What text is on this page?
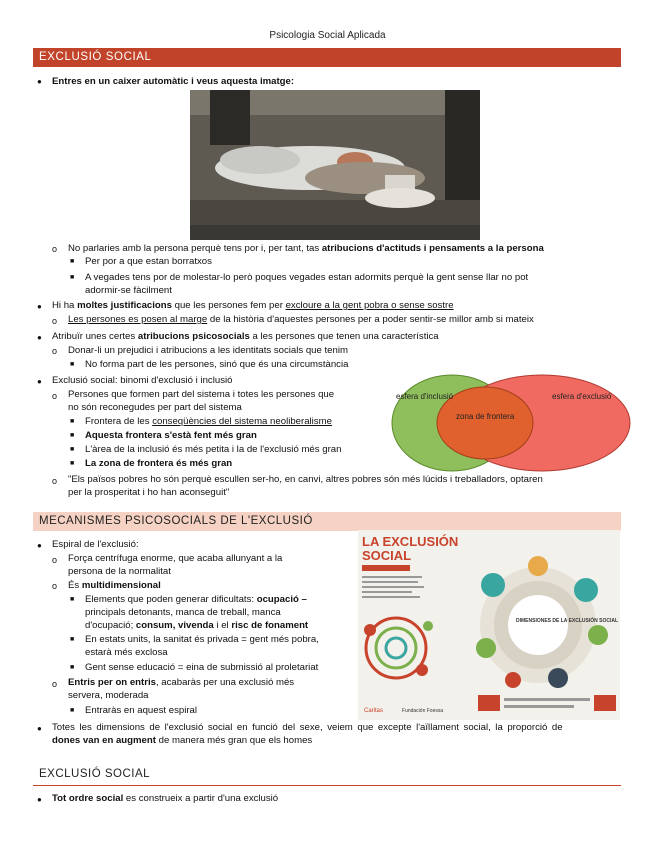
Psicologia Social Aplicada
EXCLUSIÓ SOCIAL
● Entres en un caixer automàtic i veus aquesta imatge:
o No parlaries amb la persona perquè tens por i, per tant, tas atribucions d'actituds i pensaments a la persona
■ Per por a que estan borratxos
■ A vegades tens por de molestar-lo però poques vegades estan adormits perquè la gent sense llar no pot
adormir-se fàcilment
● Hi ha moltes justificacions que les persones fem per excloure a la gent pobra o sense sostre
o Les persones es posen al marge de la història d'aquestes persones per a poder sentir-se millor amb si mateix
● Atribuïr unes certes atribucions psicosocials a les persones que tenen una característica
o Donar-li un prejudici i atribucions a les identitats socials que tenim
■ No forma part de les persones, sinó que és una circumstància
● Exclusió social: binomi d'exclusió i inclusió
o Persones que formen part del sistema i totes les persones que
no són reconegudes per part del sistema
■ Frontera de les conseqüències del sistema neoliberalisme
■ Aquesta frontera s'està fent més gran
■ L'àrea de la inclusió és més petita i la de l'exclusió més gran
■ La zona de frontera és més gran
esfera d'inclusió	esfera d'exclusió
zona de frontera
o "Els països pobres ho són perquè escullen ser-ho, en canvi, altres pobres són més lúcids i treballadors, optaren
per la prosperitat i ho han aconseguit"
MECANISMES PSICOSOCIALS DE L'EXCLUSIÓ
● Espiral de l'exclusió:
o Força centrífuga enorme, que acaba allunyant a la
persona de la normalitat
o És multidimensional
■ Elements que poden generar dificultats: ocupació –
principals detonants, manca de treball, manca
d'ocupació; consum, vivenda i el risc de fonament
■ En estats units, la sanitat és privada = gent més pobra,
estarà més exclosa
■ Gent sense educació = eina de submissió al proletariat
o Entris per on entris, acabaràs per una exclusió més
servera, moderada
■ Entraràs en aquest espiral
LA EXCLUSIÓN
SOCIAL
DIMENSIONES DE LA EXCLUSIÓN SOCIAL
Caritas	Fundación Foessa
● Totes les dimensions de l'exclusió social en funció del sexe, veiem que excepte l'aïllament social, la proporció de
dones van en augment de manera més gran que els homes
EXCLUSIÓ SOCIAL
● Tot ordre social es construeix a partir d'una exclusió
